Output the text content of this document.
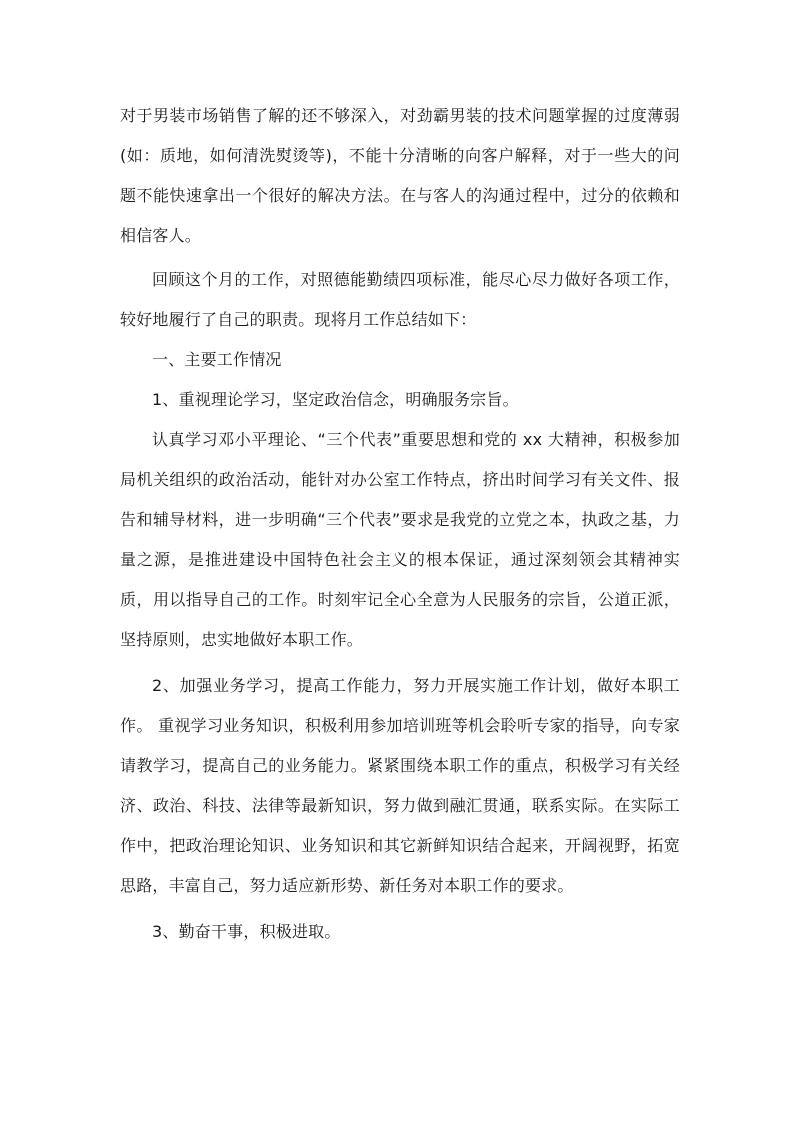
对于男装市场销售了解的还不够深入，对劲霸男装的技术问题掌握的过度薄弱(如：质地，如何清洗熨烫等)，不能十分清晰的向客户解释，对于一些大的问题不能快速拿出一个很好的解决方法。在与客人的沟通过程中，过分的依赖和相信客人。

回顾这个月的工作，对照德能勤绩四项标准，能尽心尽力做好各项工作，较好地履行了自己的职责。现将月工作总结如下：

一、主要工作情况

1、重视理论学习，坚定政治信念，明确服务宗旨。

认真学习邓小平理论、“三个代表”重要思想和党的 xx 大精神，积极参加局机关组织的政治活动，能针对办公室工作特点，挤出时间学习有关文件、报告和辅导材料，进一步明确“三个代表”要求是我党的立党之本，执政之基，力量之源，是推进建设中国特色社会主义的根本保证，通过深刻领会其精神实质，用以指导自己的工作。时刻牢记全心全意为人民服务的宗旨，公道正派，坚持原则，忠实地做好本职工作。

2、加强业务学习，提高工作能力，努力开展实施工作计划，做好本职工作。 重视学习业务知识，积极利用参加培训班等机会聆听专家的指导，向专家请教学习，提高自己的业务能力。紧紧围绕本职工作的重点，积极学习有关经济、政治、科技、法律等最新知识，努力做到融汇贯通，联系实际。在实际工作中，把政治理论知识、业务知识和其它新鲜知识结合起来，开阔视野，拓宽思路，丰富自己，努力适应新形势、新任务对本职工作的要求。

3、勤奋干事，积极进取。
